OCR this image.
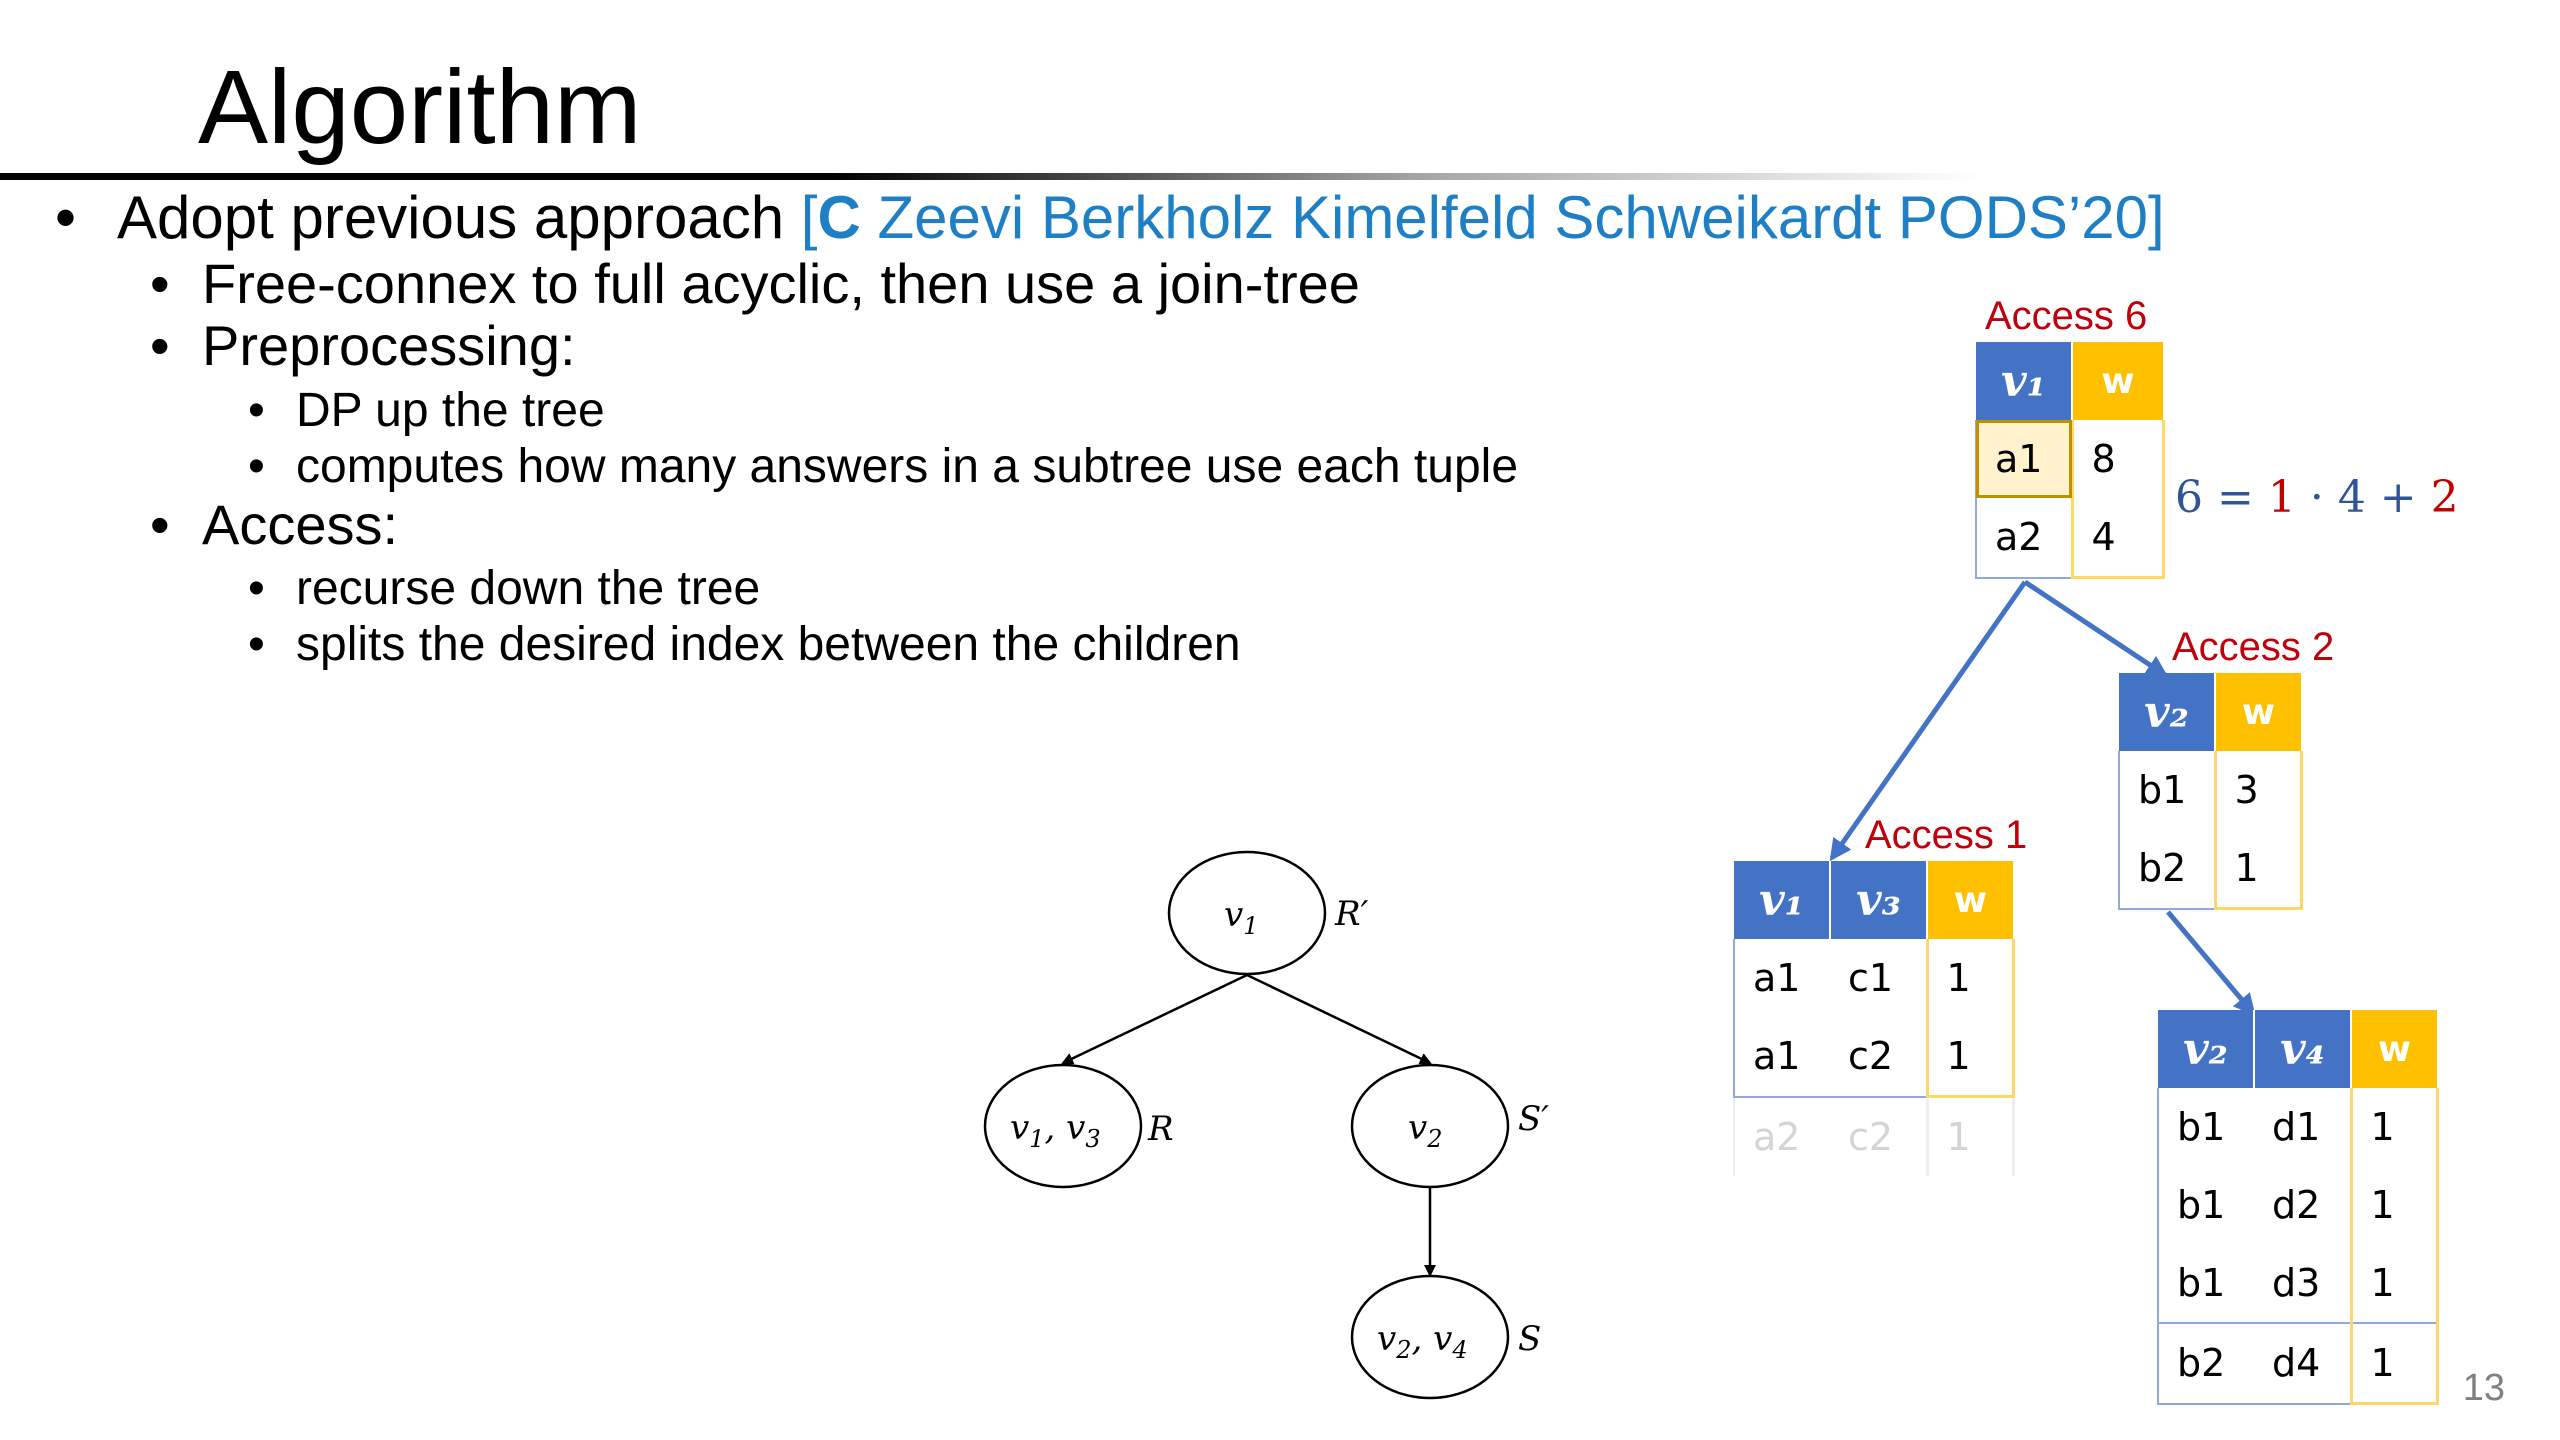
Algorithm
• Adopt previous approach [C Zeevi Berkholz Kimelfeld Schweikardt PODS’20]
• Free-connex to full acyclic, then use a join-tree
• Preprocessing:
• DP up the tree
• computes how many answers in a subtree use each tuple
• Access:
• recurse down the tree
• splits the desired index between the children
$v_1$
$v_1$, $v_3$	$v_2$
$v_2$, $v_4$
R′
R	S′
S
Access 6
Access 2
Access 1
v₁	w
a1	8
a2	4
6 = 1 · 4 + 2
v₂	w
b1	3
b2	1
v₁	v₃	w
a1	c1	1
a1	c2	1
a2	c2	1
v₂	v₄	w
b1	d1	1
b1	d2	1
b1	d3	1
b2	d4	1
13
